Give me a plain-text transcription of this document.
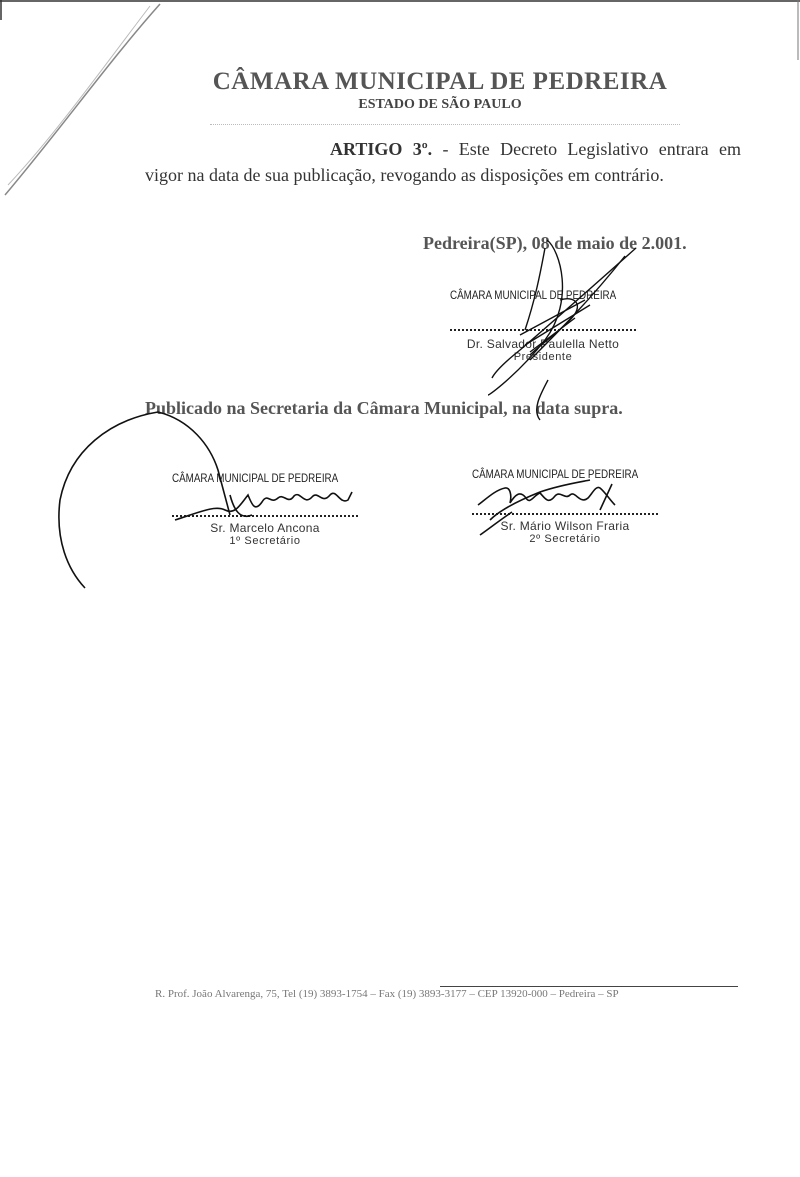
CÂMARA MUNICIPAL DE PEDREIRA
ESTADO DE SÃO PAULO

ARTIGO 3º. - Este Decreto Legislativo entrara em vigor na data de sua publicação, revogando as disposições em contrário.

Pedreira(SP), 08 de maio de 2.001.
CÂMARA MUNICIPAL DE PEDREIRA
Dr. Salvador Paulella Netto
Presidente
Publicado na Secretaria da Câmara Municipal, na data supra.
CÂMARA MUNICIPAL DE PEDREIRA
Sr. Marcelo Ancona
1º Secretário
CÂMARA MUNICIPAL DE PEDREIRA
Sr. Mário Wilson Fraria
2º Secretário
R. Prof. João Alvarenga, 75, Tel (19) 3893-1754 – Fax (19) 3893-3177 – CEP 13920-000 – Pedreira – SP
